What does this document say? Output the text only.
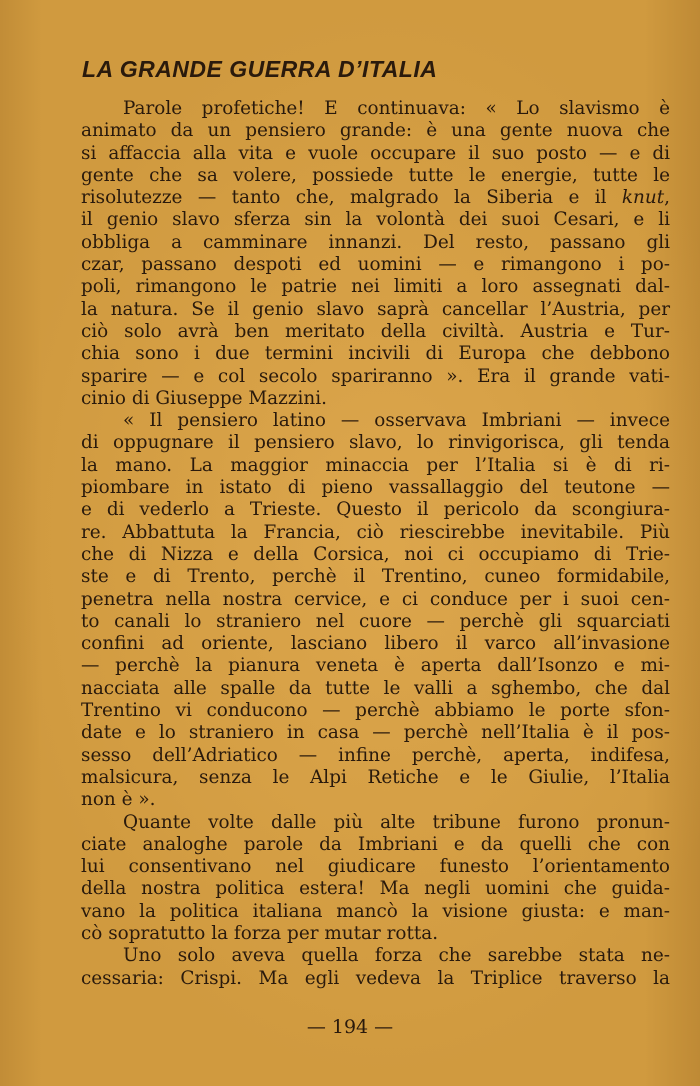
LA GRANDE GUERRA D’ITALIA

Parole profetiche! E continuava: « Lo slavismo è
animato da un pensiero grande: è una gente nuova che
si affaccia alla vita e vuole occupare il suo posto — e di
gente che sa volere, possiede tutte le energie, tutte le
risolutezze — tanto che, malgrado la Siberia e il knut,
il genio slavo sferza sin la volontà dei suoi Cesari, e li
obbliga a camminare innanzi. Del resto, passano gli
czar, passano despoti ed uomini — e rimangono i po-
poli, rimangono le patrie nei limiti a loro assegnati dal-
la natura. Se il genio slavo saprà cancellar l’Austria, per
ciò solo avrà ben meritato della civiltà. Austria e Tur-
chia sono i due termini incivili di Europa che debbono
sparire — e col secolo spariranno ». Era il grande vati-
cinio di Giuseppe Mazzini.

« Il pensiero latino — osservava Imbriani — invece
di oppugnare il pensiero slavo, lo rinvigorisca, gli tenda
la mano. La maggior minaccia per l’Italia si è di ri-
piombare in istato di pieno vassallaggio del teutone —
e di vederlo a Trieste. Questo il pericolo da scongiura-
re. Abbattuta la Francia, ciò riescirebbe inevitabile. Più
che di Nizza e della Corsica, noi ci occupiamo di Trie-
ste e di Trento, perchè il Trentino, cuneo formidabile,
penetra nella nostra cervice, e ci conduce per i suoi cen-
to canali lo straniero nel cuore — perchè gli squarciati
confini ad oriente, lasciano libero il varco all’invasione
— perchè la pianura veneta è aperta dall’Isonzo e mi-
nacciata alle spalle da tutte le valli a sghembo, che dal
Trentino vi conducono — perchè abbiamo le porte sfon-
date e lo straniero in casa — perchè nell’Italia è il pos-
sesso dell’Adriatico — infine perchè, aperta, indifesa,
malsicura, senza le Alpi Retiche e le Giulie, l’Italia
non è ».

Quante volte dalle più alte tribune furono pronun-
ciate analoghe parole da Imbriani e da quelli che con
lui consentivano nel giudicare funesto l’orientamento
della nostra politica estera! Ma negli uomini che guida-
vano la politica italiana mancò la visione giusta: e man-
cò sopratutto la forza per mutar rotta.

Uno solo aveva quella forza che sarebbe stata ne-
cessaria: Crispi. Ma egli vedeva la Triplice traverso la

— 194 —
